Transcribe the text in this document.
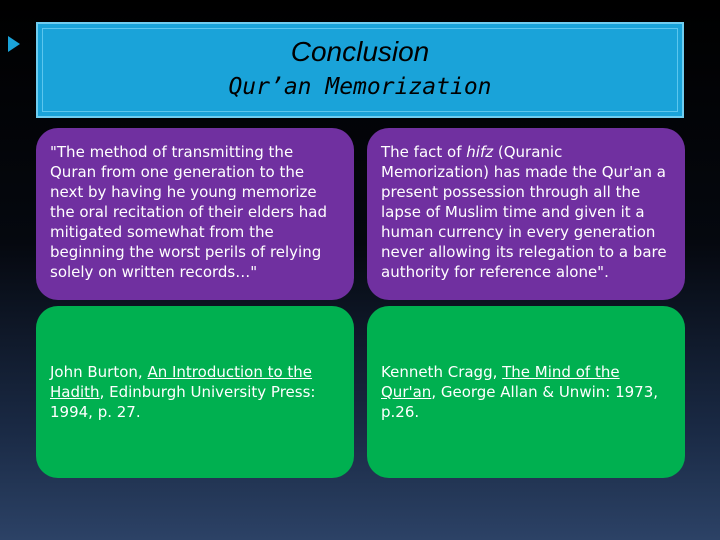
Conclusion
Qur’an Memorization
"The method of transmitting the Quran from one generation to the next by having he young memorize the oral recitation of their elders had mitigated somewhat from the beginning the worst perils of relying solely on written records…"
The fact of hifz (Quranic Memorization) has made the Qur'an a present possession through all the lapse of Muslim time and given it a human currency in every generation never allowing its relegation to a bare authority for reference alone".
John Burton, An Introduction to the Hadith, Edinburgh University Press: 1994, p. 27.
Kenneth Cragg, The Mind of the Qur'an, George Allan & Unwin: 1973, p.26.
